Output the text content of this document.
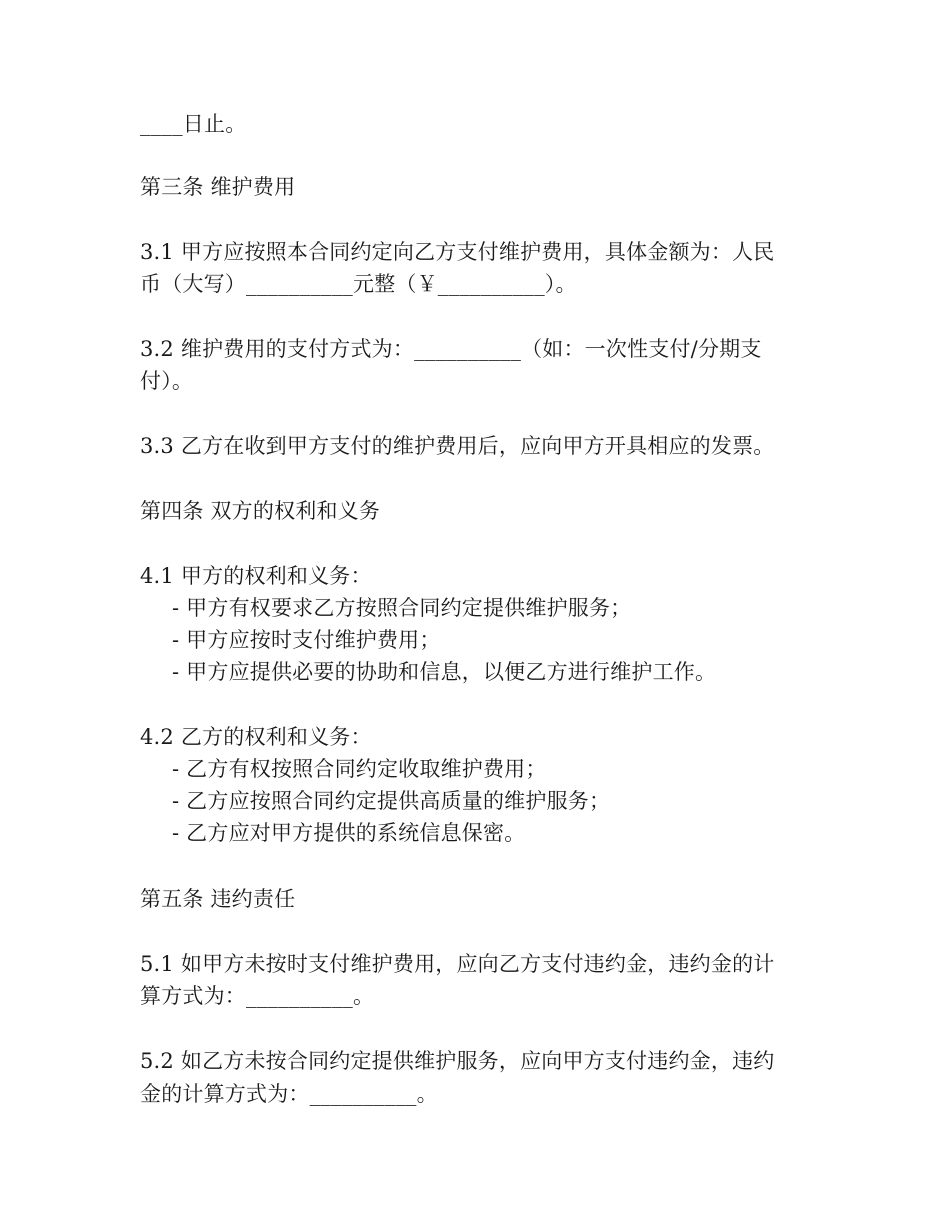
____日止。
第三条 维护费用
3.1 甲方应按照本合同约定向乙方支付维护费用，具体金额为：人民
币（大写）__________元整（￥__________）。
3.2 维护费用的支付方式为：__________（如：一次性支付/分期支
付）。
3.3 乙方在收到甲方支付的维护费用后，应向甲方开具相应的发票。
第四条 双方的权利和义务
4.1 甲方的权利和义务：
- 甲方有权要求乙方按照合同约定提供维护服务；
- 甲方应按时支付维护费用；
- 甲方应提供必要的协助和信息，以便乙方进行维护工作。
4.2 乙方的权利和义务：
- 乙方有权按照合同约定收取维护费用；
- 乙方应按照合同约定提供高质量的维护服务；
- 乙方应对甲方提供的系统信息保密。
第五条 违约责任
5.1 如甲方未按时支付维护费用，应向乙方支付违约金，违约金的计
算方式为：__________。
5.2 如乙方未按合同约定提供维护服务，应向甲方支付违约金，违约
金的计算方式为：__________。
